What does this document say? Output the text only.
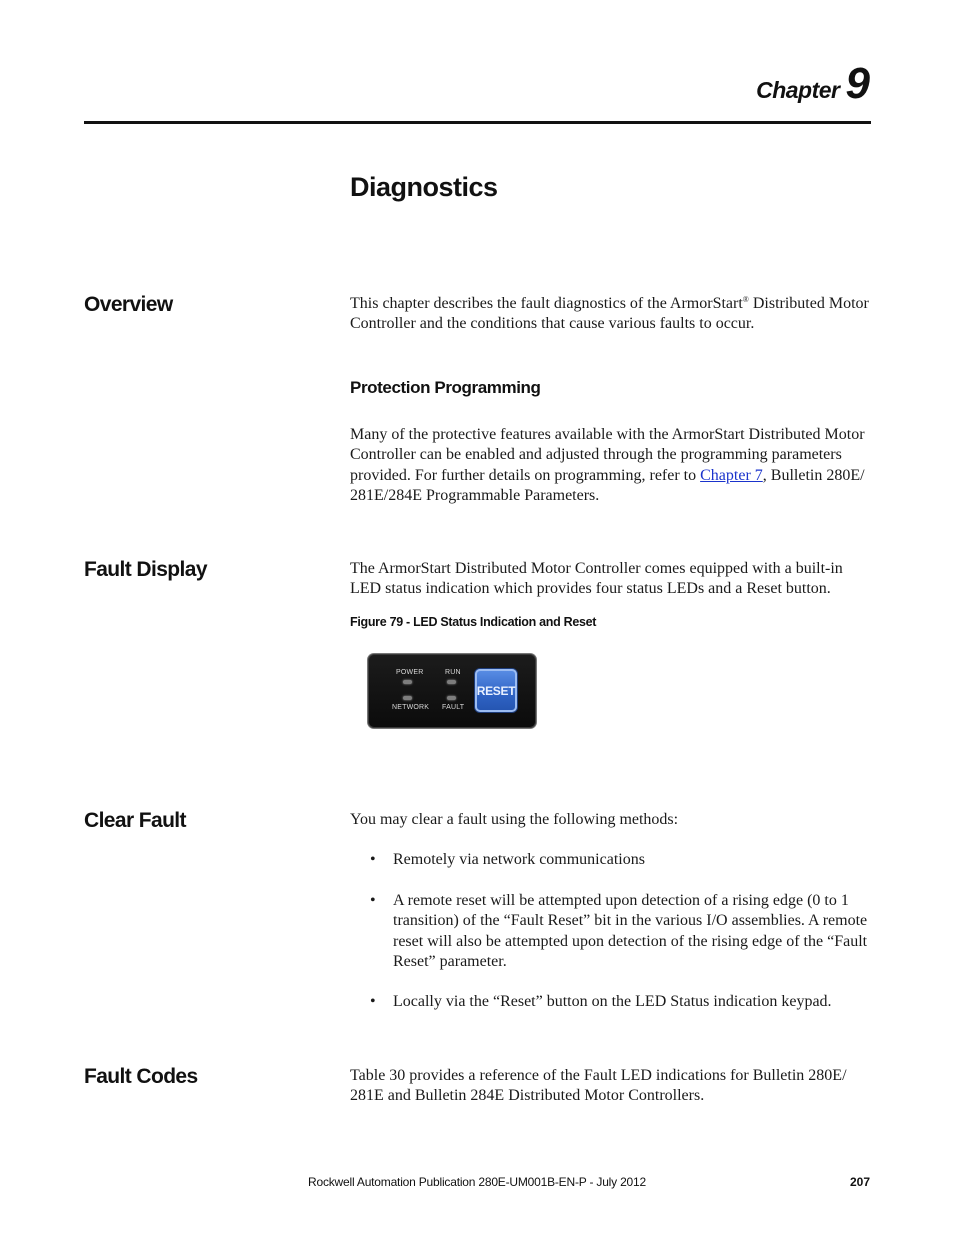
Chapter 9
Diagnostics
Overview	This chapter describes the fault diagnostics of the ArmorStart® Distributed Motor Controller and the conditions that cause various faults to occur.

Protection Programming

Many of the protective features available with the ArmorStart Distributed Motor Controller can be enabled and adjusted through the programming parameters provided. For further details on programming, refer to Chapter 7, Bulletin 280E/ 281E/284E Programmable Parameters.

Fault Display	The ArmorStart Distributed Motor Controller comes equipped with a built-in LED status indication which provides four status LEDs and a Reset button.

Figure 79 - LED Status Indication and Reset
POWER	RUN
NETWORK FAULT
RESET
Clear Fault	You may clear a fault using the following methods:

• Remotely via network communications
• A remote reset will be attempted upon detection of a rising edge (0 to 1 transition) of the “Fault Reset” bit in the various I/O assemblies. A remote reset will also be attempted upon detection of the rising edge of the “Fault Reset” parameter.
• Locally via the “Reset” button on the LED Status indication keypad.
Fault Codes	Table 30 provides a reference of the Fault LED indications for Bulletin 280E/ 281E and Bulletin 284E Distributed Motor Controllers.

Rockwell Automation Publication 280E-UM001B-EN-P - July 2012	207
